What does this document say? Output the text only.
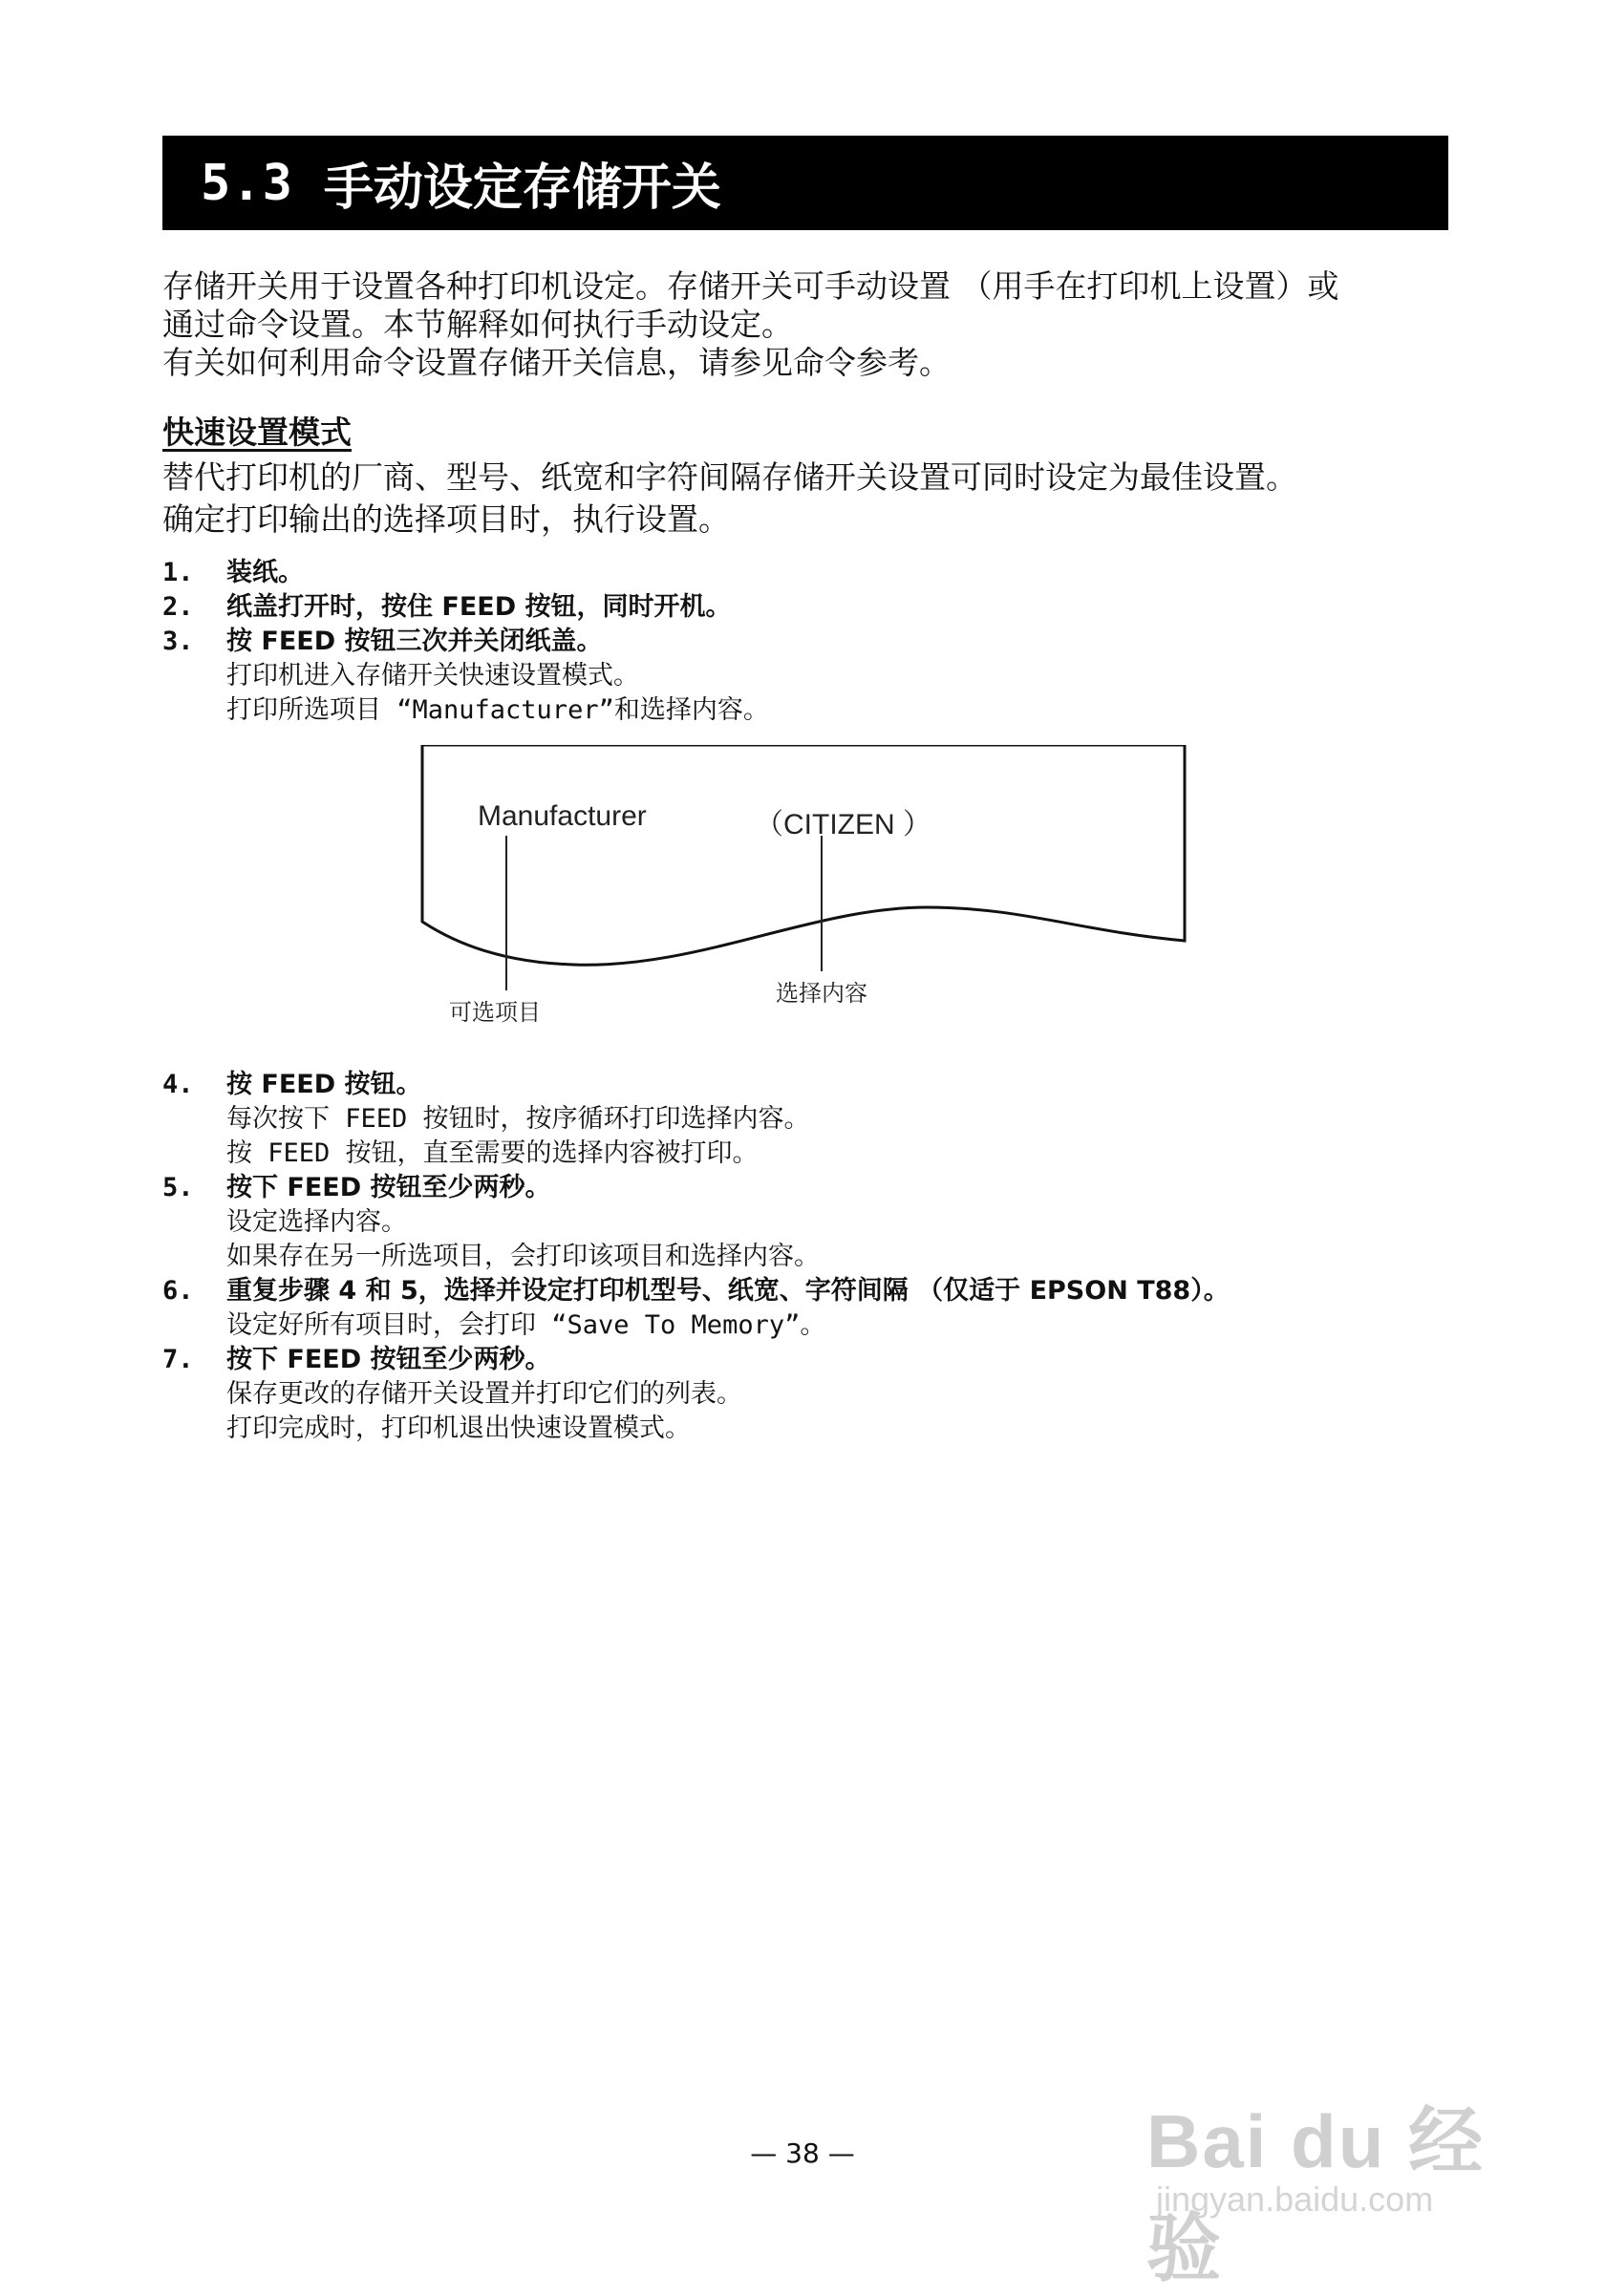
5.3 手动设定存储开关

存储开关用于设置各种打印机设定。存储开关可手动设置 （用手在打印机上设置）或

通过命令设置。本节解释如何执行手动设定。

有关如何利用命令设置存储开关信息，请参见命令参考。

快速设置模式

替代打印机的厂商、型号、纸宽和字符间隔存储开关设置可同时设定为最佳设置。

确定打印输出的选择项目时，执行设置。

1. 装纸。
2. 纸盖打开时，按住 FEED 按钮，同时开机。
3. 按 FEED 按钮三次并关闭纸盖。
打印机进入存储开关快速设置模式。
打印所选项目 “Manufacturer”和选择内容。
Manufacturer	（CITIZEN ）
可选项目
选择内容
4. 按 FEED 按钮。
每次按下 FEED 按钮时，按序循环打印选择内容。
按 FEED 按钮，直至需要的选择内容被打印。
5. 按下 FEED 按钮至少两秒。
设定选择内容。
如果存在另一所选项目，会打印该项目和选择内容。
6. 重复步骤 4 和 5，选择并设定打印机型号、纸宽、字符间隔 （仅适于 EPSON T88）。
设定好所有项目时，会打印 “Save To Memory”。
7. 按下 FEED 按钮至少两秒。
保存更改的存储开关设置并打印它们的列表。
打印完成时，打印机退出快速设置模式。
— 38 —	Bai du 经验
jingyan.baidu.com
